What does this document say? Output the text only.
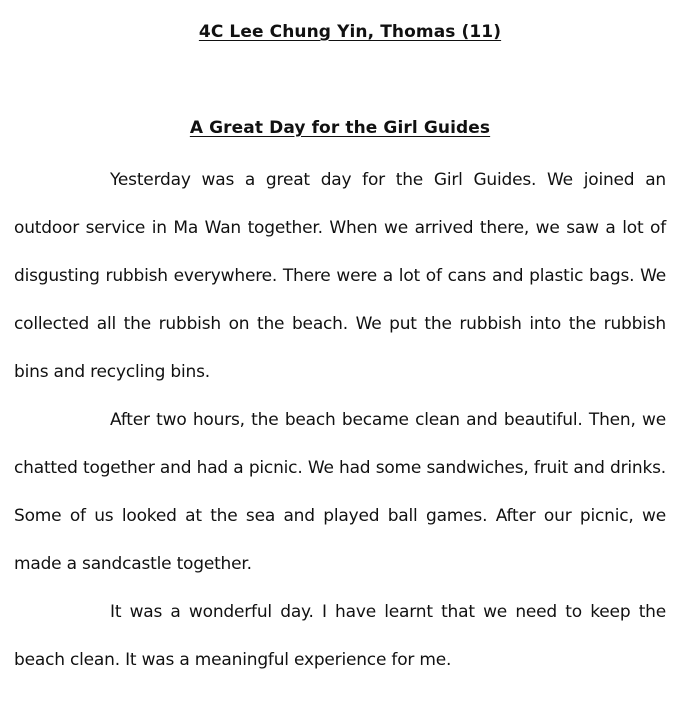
4C Lee Chung Yin, Thomas (11)
A Great Day for the Girl Guides

Yesterday was a great day for the Girl Guides. We joined an outdoor service in Ma Wan together. When we arrived there, we saw a lot of disgusting rubbish everywhere. There were a lot of cans and plastic bags. We collected all the rubbish on the beach. We put the rubbish into the rubbish bins and recycling bins.

After two hours, the beach became clean and beautiful. Then, we chatted together and had a picnic. We had some sandwiches, fruit and drinks. Some of us looked at the sea and played ball games. After our picnic, we made a sandcastle together.

It was a wonderful day. I have learnt that we need to keep the beach clean. It was a meaningful experience for me.
